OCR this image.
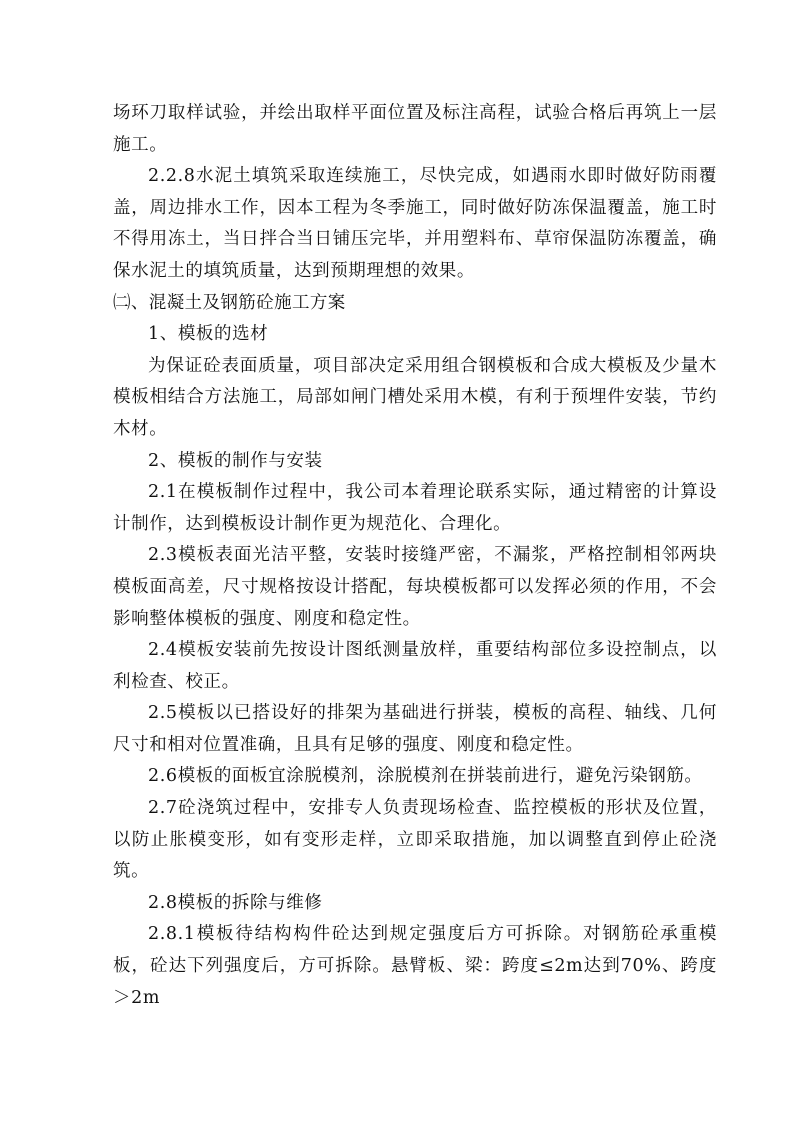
场环刀取样试验，并绘出取样平面位置及标注高程，试验合格后再筑上一层施工。

2.2.8水泥土填筑采取连续施工，尽快完成，如遇雨水即时做好防雨覆盖，周边排水工作，因本工程为冬季施工，同时做好防冻保温覆盖，施工时不得用冻土，当日拌合当日铺压完毕，并用塑料布、草帘保温防冻覆盖，确保水泥土的填筑质量，达到预期理想的效果。

㈡、混凝土及钢筋砼施工方案

1、模板的选材

为保证砼表面质量，项目部决定采用组合钢模板和合成大模板及少量木模板相结合方法施工，局部如闸门槽处采用木模，有利于预埋件安装，节约木材。

2、模板的制作与安装

2.1在模板制作过程中，我公司本着理论联系实际，通过精密的计算设计制作，达到模板设计制作更为规范化、合理化。

2.3模板表面光洁平整，安装时接缝严密，不漏浆，严格控制相邻两块模板面高差，尺寸规格按设计搭配，每块模板都可以发挥必须的作用，不会影响整体模板的强度、刚度和稳定性。

2.4模板安装前先按设计图纸测量放样，重要结构部位多设控制点，以利检查、校正。

2.5模板以已搭设好的排架为基础进行拼装，模板的高程、轴线、几何尺寸和相对位置准确，且具有足够的强度、刚度和稳定性。

2.6模板的面板宜涂脱模剂，涂脱模剂在拼装前进行，避免污染钢筋。

2.7砼浇筑过程中，安排专人负责现场检查、监控模板的形状及位置，以防止胀模变形，如有变形走样，立即采取措施，加以调整直到停止砼浇筑。

2.8模板的拆除与维修

2.8.1模板待结构构件砼达到规定强度后方可拆除。对钢筋砼承重模板，砼达下列强度后，方可拆除。悬臂板、梁：跨度≤2m达到70%、跨度＞2m
